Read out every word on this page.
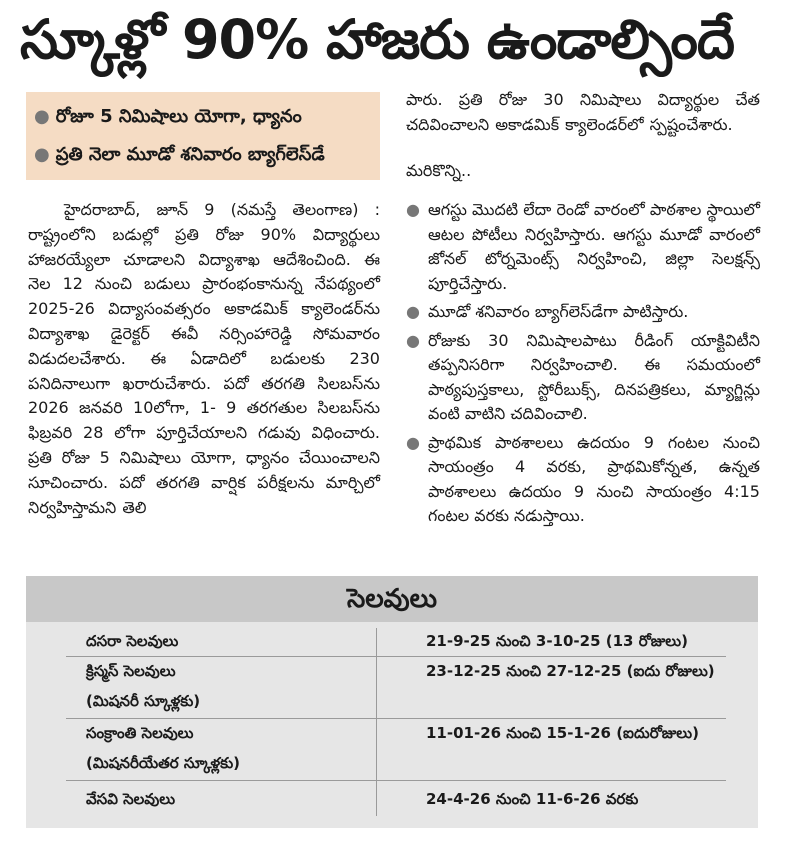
స్కూళ్లో 90% హాజరు ఉండాల్సిందే
● రోజూ 5 నిమిషాలు యోగా, ధ్యానం
● ప్రతి నెలా మూడో శనివారం బ్యాగ్‌లెస్‌డే
హైదరాబాద్, జూన్ 9 (నమస్తే తెలంగాణ) : రాష్ట్రంలోని బడుల్లో ప్రతి రోజు 90% విద్యార్థులు హాజరయ్యేలా చూడాలని విద్యాశాఖ ఆదేశించింది. ఈ నెల 12 నుంచి బడులు ప్రారంభంకానున్న నేపథ్యంలో 2025-26 విద్యాసంవత్సరం అకాడమిక్ క్యాలెండర్‌ను విద్యాశాఖ డైరెక్టర్ ఈవీ నర్సింహారెడ్డి సోమవారం విడుదలచేశారు. ఈ ఏడాదిలో బడులకు 230 పనిదినాలుగా ఖరారుచేశారు. పదో తరగతి సిలబస్‌ను 2026 జనవరి 10లోగా, 1- 9 తరగతుల సిలబస్‌ను ఫిబ్రవరి 28 లోగా పూర్తిచేయాలని గడువు విధించారు. ప్రతి రోజు 5 నిమిషాలు యోగా, ధ్యానం చేయించాలని సూచించారు. పదో తరగతి వార్షిక పరీక్షలను మార్చిలో నిర్వహిస్తామని తెలి
పారు. ప్రతి రోజు 30 నిమిషాలు విద్యార్థుల చేత చదివించాలని అకాడమిక్ క్యాలెండర్‌లో స్పష్టంచేశారు.
మరికొన్ని..
● ఆగస్టు మొదటి లేదా రెండో వారంలో పాఠశాల స్థాయిలో ఆటల పోటీలు నిర్వహిస్తారు. ఆగస్టు మూడో వారంలో జోనల్ టోర్నమెంట్స్ నిర్వహించి, జిల్లా సెలక్షన్స్ పూర్తిచేస్తారు.
● మూడో శనివారం బ్యాగ్‌లెస్‌డేగా పాటిస్తారు.
● రోజుకు 30 నిమిషాలపాటు రీడింగ్ యాక్టివిటీని తప్పనిసరిగా నిర్వహించాలి. ఈ సమయంలో పాఠ్యపుస్తకాలు, స్టోరీబుక్స్, దినపత్రికలు, మ్యాగ్జిన్లు వంటి వాటిని చదివించాలి.
● ప్రాథమిక పాఠశాలలు ఉదయం 9 గంటల నుంచి సాయంత్రం 4 వరకు, ప్రాథమికోన్నత, ఉన్నత పాఠశాలలు ఉదయం 9 నుంచి సాయంత్రం 4:15 గంటల వరకు నడుస్తాయి.
సెలవులు
దసరా సెలవులు	21-9-25 నుంచి 3-10-25 (13 రోజులు)
క్రిస్మస్ సెలవులు	23-12-25 నుంచి 27-12-25 (ఐదు రోజులు)
(మిషనరీ స్కూళ్లకు)
సంక్రాంతి సెలవులు	11-01-26 నుంచి 15-1-26 (ఐదురోజులు)
(మిషనరీయేతర స్కూళ్లకు)
వేసవి సెలవులు	24-4-26 నుంచి 11-6-26 వరకు
